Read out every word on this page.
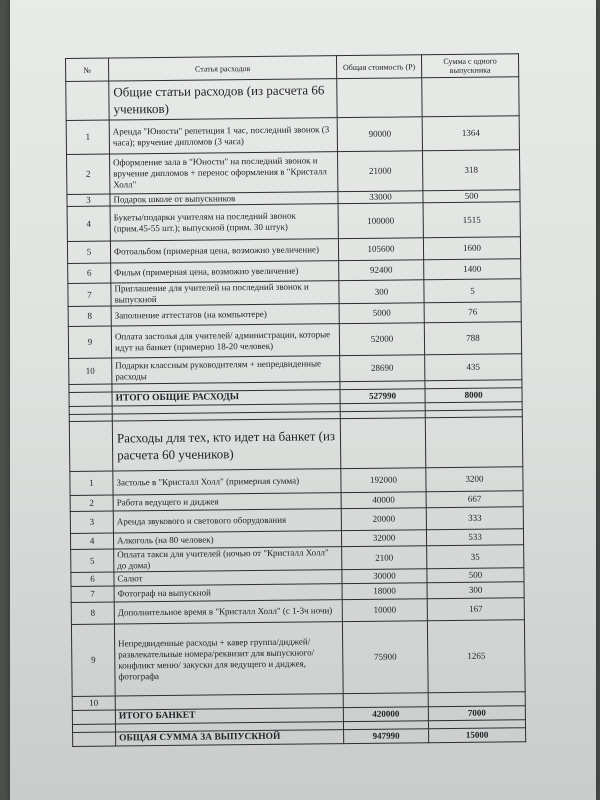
№	Статья расходов	Общая стоимость (Р)	Сумма с одного выпускника
	Общие статьи расходов (из расчета 66 учеников)		
1	Аренда "Юности" репетиция 1 час, последний звонок (3 часа); вручение дипломов (3 часа)	90000	1364
2	Оформление зала в "Юности" на последний звонок и вручение дипломов + перенос оформления в "Кристалл Холл"	21000	318
3	Подарок школе от выпускников	33000	500
4	Букеты/подарки учителям на последний звонок (прим.45-55 шт.); выпускной (прим. 30 штук)	100000	1515
5	Фотоальбом (примерная цена, возможно увеличение)	105600	1600
6	Фильм (примерная цена, возможно увеличение)	92400	1400
7	Приглашение для учителей на последний звонок и выпускной	300	5
8	Заполнение аттестатов (на компьютере)	5000	76
9	Оплата застолья для учителей/ администрации, которые идут на банкет (примерно 18-20 человек)	52000	788
10	Подарки классным руководителям + непредвиденные расходы	28690	435

	ИТОГО ОБЩИЕ РАСХОДЫ	527990	8000

	Расходы для тех, кто идет на банкет (из расчета 60 учеников)		
1	Застолье в "Кристалл Холл" (примерная сумма)	192000	3200
2	Работа ведущего и диджея	40000	667
3	Аренда звукового и светового оборудования	20000	333
4	Алкоголь (на 80 человек)	32000	533
5	Оплата такси для учителей (ночью от "Кристалл Холл" до дома)	2100	35
6	Салют	30000	500
7	Фотограф на выпускной	18000	300
8	Дополнительное время в "Кристалл Холл" (с 1-3ч ночи)	10000	167
9	Непредвиденные расходы + кавер группа/диджей/развлекательные номера/реквизит для выпускного/ конфликт меню/ закуски для ведущего и диджея, фотографа	75900	1265
10			
	ИТОГО БАНКЕТ	420000	7000

	ОБЩАЯ СУММА ЗА ВЫПУСКНОЙ	947990	15000
